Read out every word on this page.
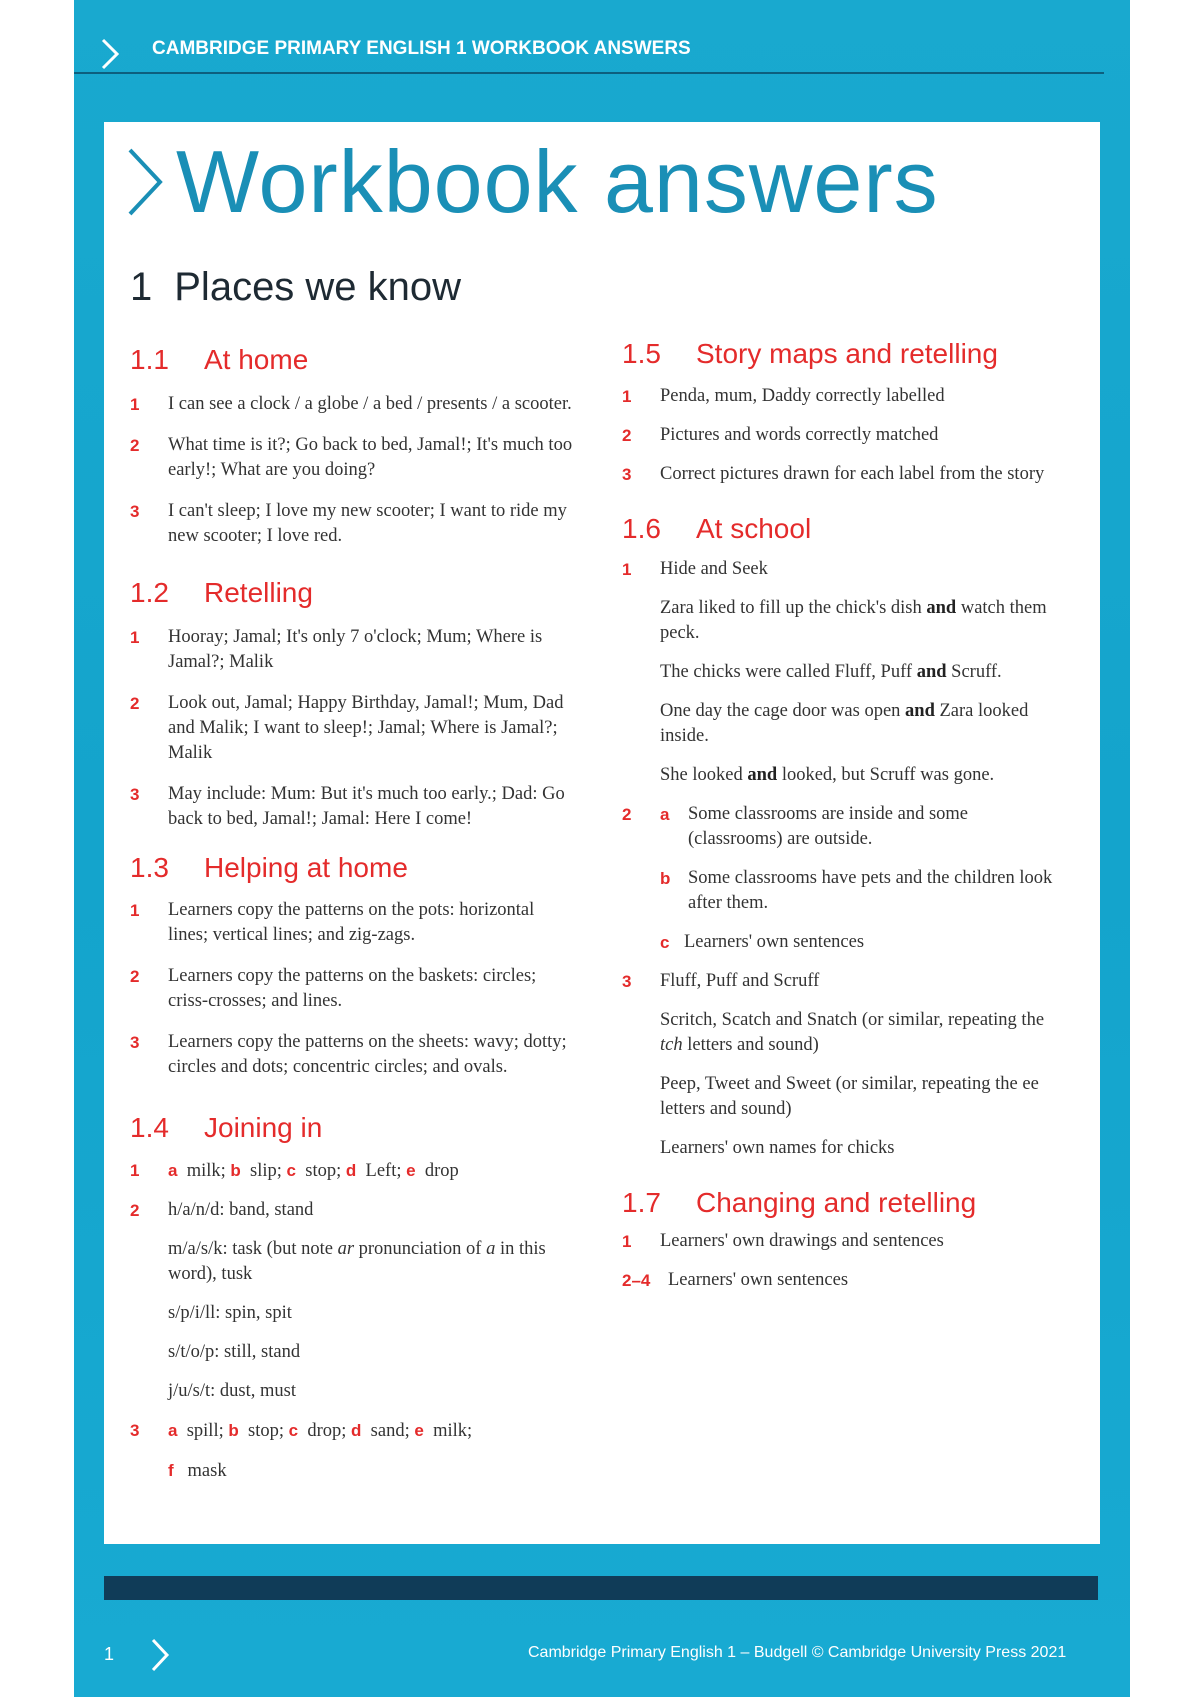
CAMBRIDGE PRIMARY ENGLISH 1 WORKBOOK ANSWERS
Workbook answers
1 Places we know
1.1	At home
1	I can see a clock / a globe / a bed / presents / a scooter.
2	What time is it?; Go back to bed, Jamal!; It's much too early!; What are you doing?
3	I can't sleep; I love my new scooter; I want to ride my new scooter; I love red.
1.2	Retelling
1	Hooray; Jamal; It's only 7 o'clock; Mum; Where is Jamal?; Malik
2	Look out, Jamal; Happy Birthday, Jamal!; Mum, Dad and Malik; I want to sleep!; Jamal; Where is Jamal?; Malik
3	May include: Mum: But it's much too early.; Dad: Go back to bed, Jamal!; Jamal: Here I come!
1.3	Helping at home
1	Learners copy the patterns on the pots: horizontal lines; vertical lines; and zig-zags.
2	Learners copy the patterns on the baskets: circles; criss-crosses; and lines.
3	Learners copy the patterns on the sheets: wavy; dotty; circles and dots; concentric circles; and ovals.
1.4	Joining in
1	a milk; b slip; c stop; d Left; e drop
2	h/a/n/d: band, stand
m/a/s/k: task (but note ar pronunciation of a in this word), tusk
s/p/i/ll: spin, spit
s/t/o/p: still, stand
j/u/s/t: dust, must
3	a spill; b stop; c drop; d sand; e milk;
f mask
1.5	Story maps and retelling
1	Penda, mum, Daddy correctly labelled
2	Pictures and words correctly matched
3	Correct pictures drawn for each label from the story
1.6	At school
1	Hide and Seek
Zara liked to fill up the chick's dish and watch them peck.
The chicks were called Fluff, Puff and Scruff.
One day the cage door was open and Zara looked inside.
She looked and looked, but Scruff was gone.
2	a	Some classrooms are inside and some (classrooms) are outside.
b Some classrooms have pets and the children look after them.
c Learners' own sentences
3	Fluff, Puff and Scruff
Scritch, Scatch and Snatch (or similar, repeating the tch letters and sound)
Peep, Tweet and Sweet (or similar, repeating the ee letters and sound)
Learners' own names for chicks
1.7	Changing and retelling
1	Learners' own drawings and sentences
2–4 Learners' own sentences
1	Cambridge Primary English 1 – Budgell © Cambridge University Press 2021
